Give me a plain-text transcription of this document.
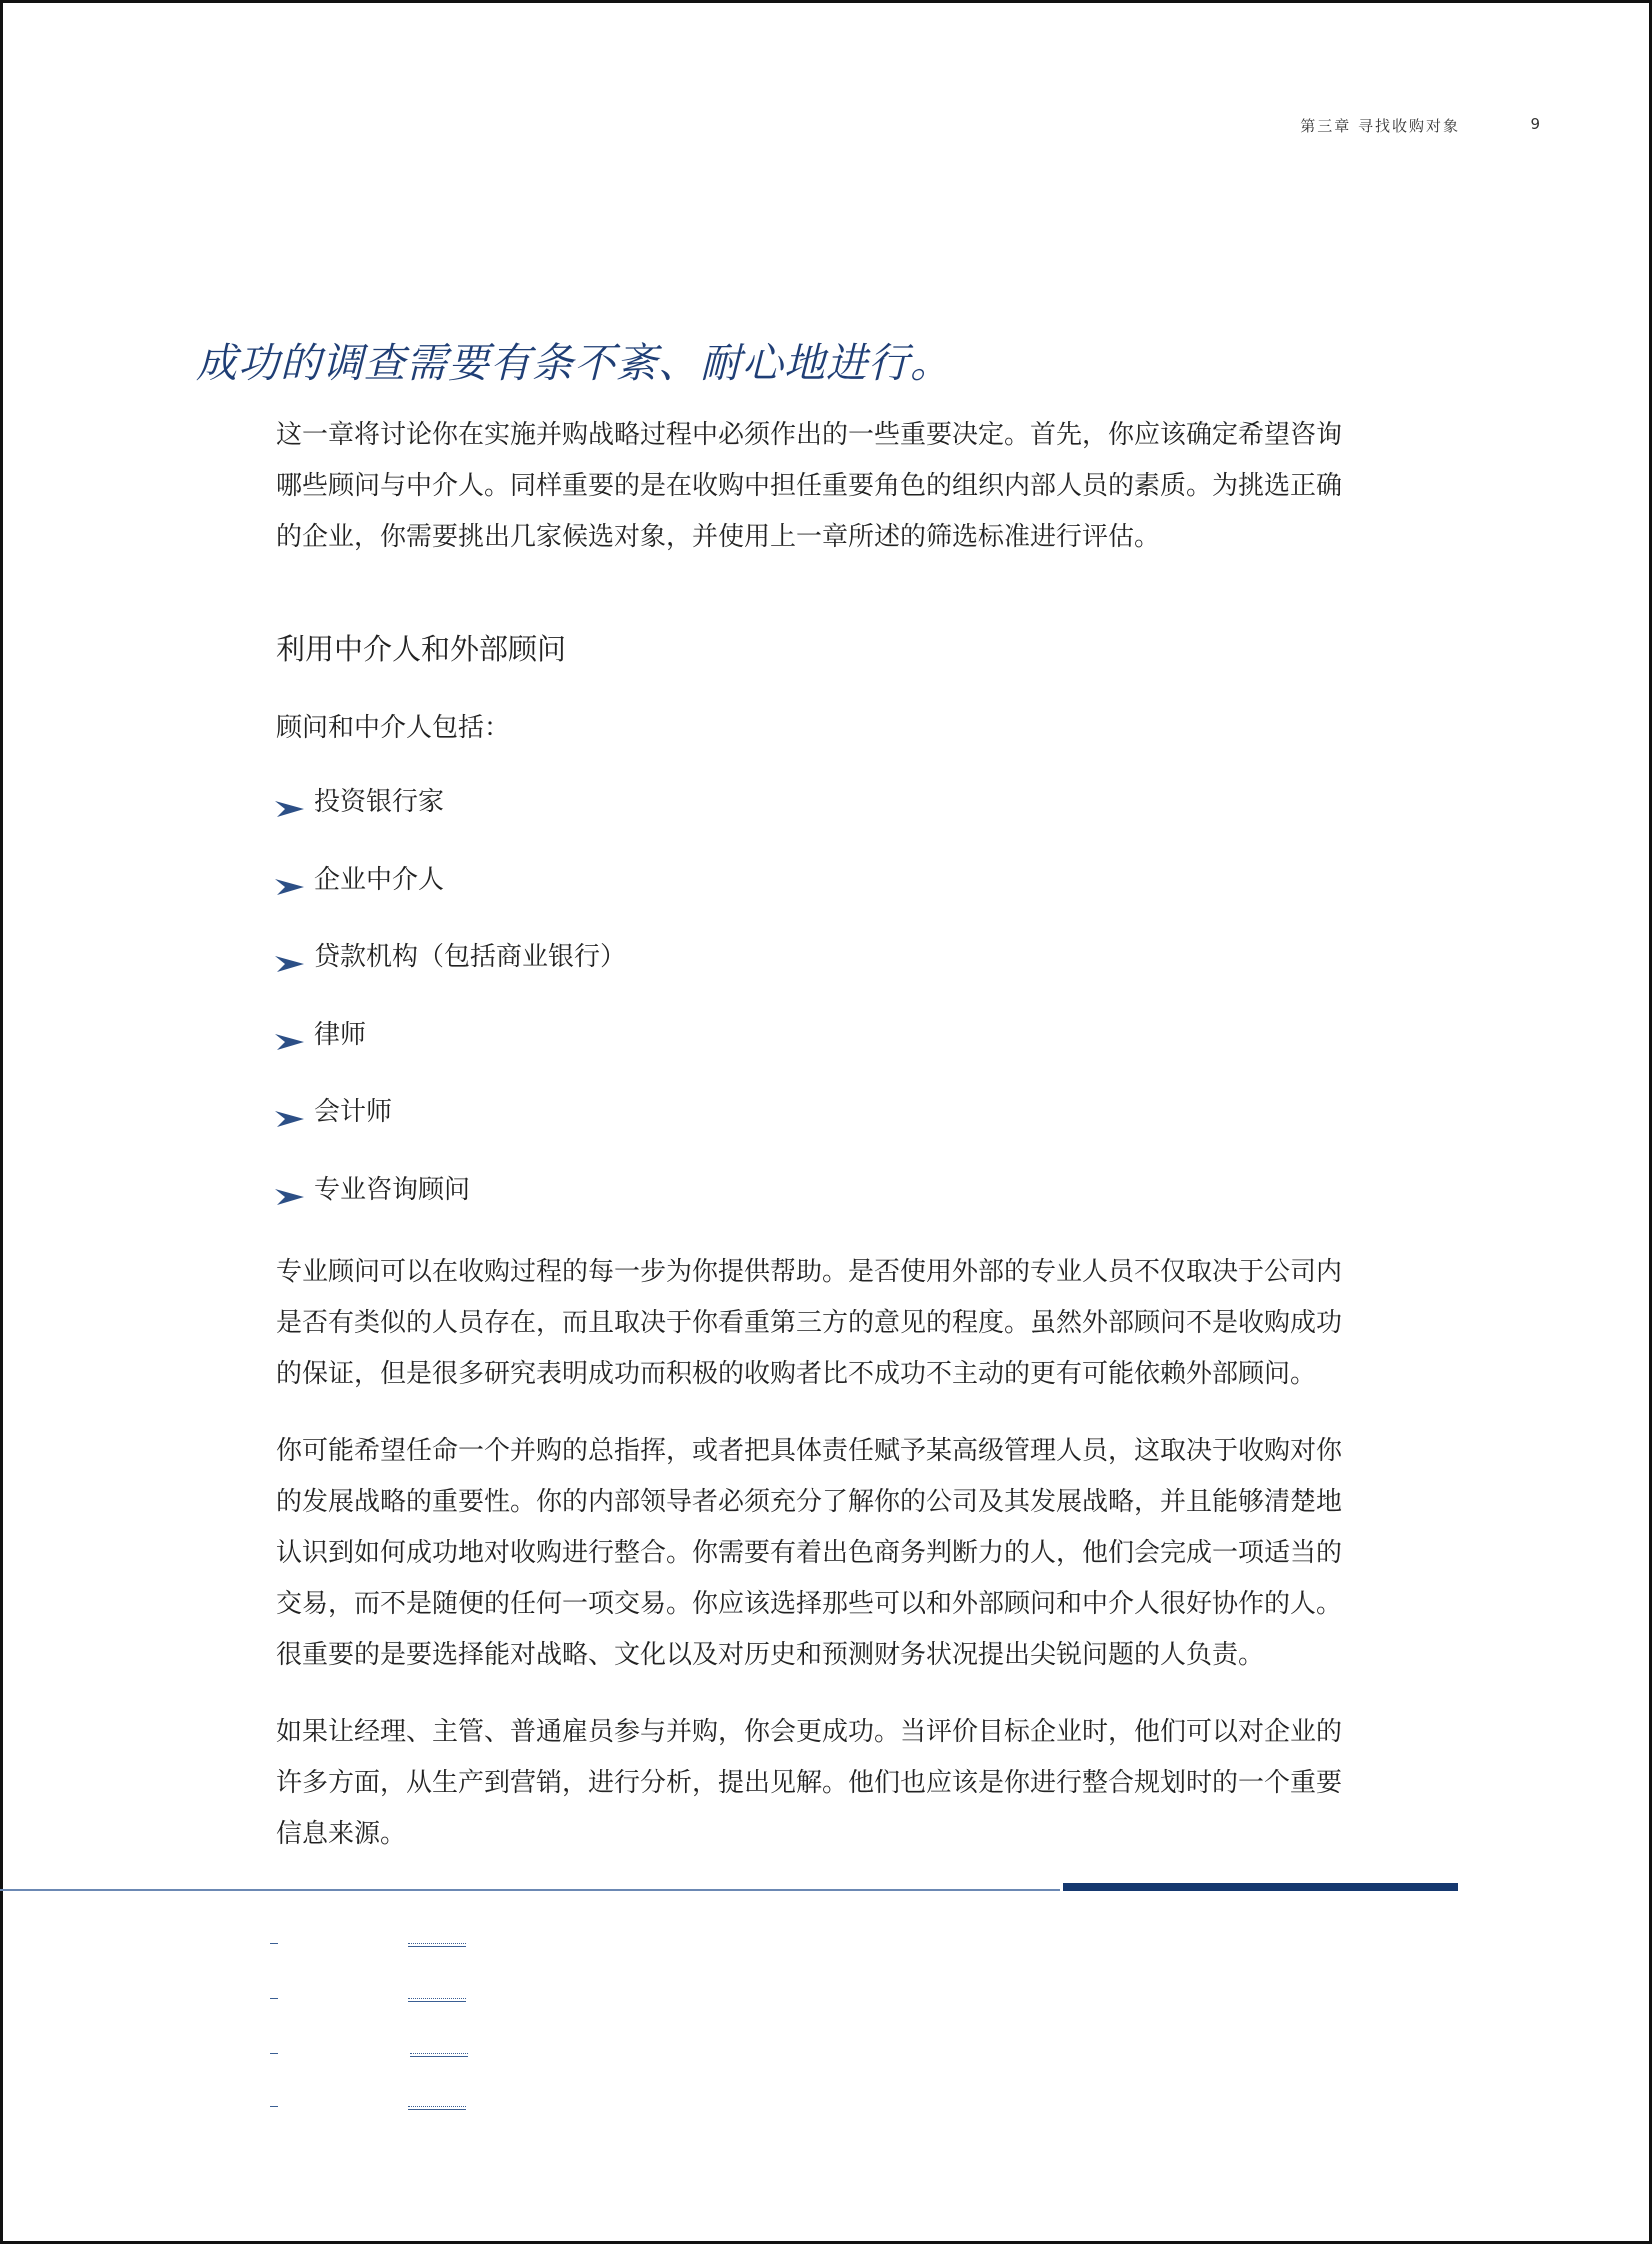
第三章 寻找收购对象	9
成功的调查需要有条不紊、耐心地进行。
这一章将讨论你在实施并购战略过程中必须作出的一些重要决定。首先，你应该确定希望咨询哪些顾问与中介人。同样重要的是在收购中担任重要角色的组织内部人员的素质。为挑选正确的企业，你需要挑出几家候选对象，并使用上一章所述的筛选标准进行评估。
利用中介人和外部顾问
顾问和中介人包括：
投资银行家
企业中介人
贷款机构（包括商业银行）
律师
会计师
专业咨询顾问
专业顾问可以在收购过程的每一步为你提供帮助。是否使用外部的专业人员不仅取决于公司内是否有类似的人员存在，而且取决于你看重第三方的意见的程度。虽然外部顾问不是收购成功的保证，但是很多研究表明成功而积极的收购者比不成功不主动的更有可能依赖外部顾问。
你可能希望任命一个并购的总指挥，或者把具体责任赋予某高级管理人员，这取决于收购对你的发展战略的重要性。你的内部领导者必须充分了解你的公司及其发展战略，并且能够清楚地认识到如何成功地对收购进行整合。你需要有着出色商务判断力的人，他们会完成一项适当的交易，而不是随便的任何一项交易。你应该选择那些可以和外部顾问和中介人很好协作的人。很重要的是要选择能对战略、文化以及对历史和预测财务状况提出尖锐问题的人负责。
如果让经理、主管、普通雇员参与并购，你会更成功。当评价目标企业时，他们可以对企业的许多方面，从生产到营销，进行分析，提出见解。他们也应该是你进行整合规划时的一个重要信息来源。
